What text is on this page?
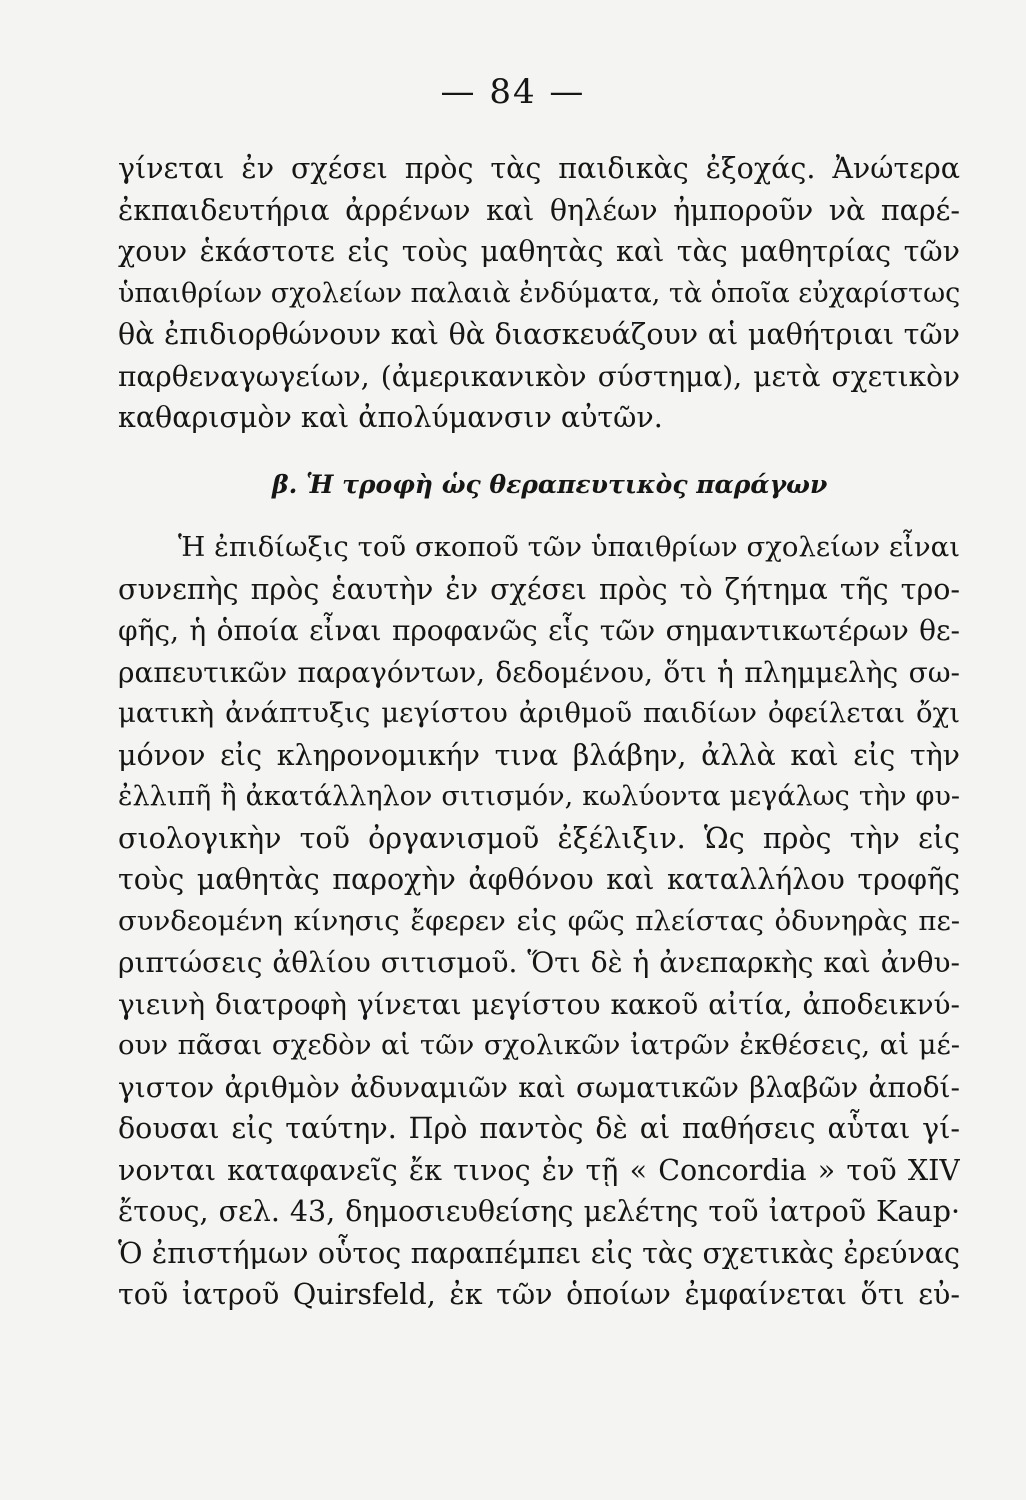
— 84 —
γίνεται ἐν σχέσει πρὸς τὰς παιδικὰς ἐξοχάς. Ἀνώτερα
ἐκπαιδευτήρια ἀρρένων καὶ θηλέων ἠμποροῦν νὰ παρέ-
χουν ἑκάστοτε εἰς τοὺς μαθητὰς καὶ τὰς μαθητρίας τῶν
ὑπαιθρίων σχολείων παλαιὰ ἐνδύματα, τὰ ὁποῖα εὐχαρίστως
θὰ ἐπιδιορθώνουν καὶ θὰ διασκευάζουν αἱ μαθήτριαι τῶν
παρθεναγωγείων, (ἀμερικανικὸν σύστημα), μετὰ σχετικὸν
καθαρισμὸν καὶ ἀπολύμανσιν αὐτῶν.
β. Ἡ τροφὴ ὡς θεραπευτικὸς παράγων
Ἡ ἐπιδίωξις τοῦ σκοποῦ τῶν ὑπαιθρίων σχολείων εἶναι
συνεπὴς πρὸς ἑαυτὴν ἐν σχέσει πρὸς τὸ ζήτημα τῆς τρο-
φῆς, ἡ ὁποία εἶναι προφανῶς εἷς τῶν σημαντικωτέρων θε-
ραπευτικῶν παραγόντων, δεδομένου, ὅτι ἡ πλημμελὴς σω-
ματικὴ ἀνάπτυξις μεγίστου ἀριθμοῦ παιδίων ὀφείλεται ὄχι
μόνον εἰς κληρονομικήν τινα βλάβην, ἀλλὰ καὶ εἰς τὴν
ἐλλιπῆ ἢ ἀκατάλληλον σιτισμόν, κωλύοντα μεγάλως τὴν φυ-
σιολογικὴν τοῦ ὀργανισμοῦ ἐξέλιξιν. Ὡς πρὸς τὴν εἰς
τοὺς μαθητὰς παροχὴν ἀφθόνου καὶ καταλλήλου τροφῆς
συνδεομένη κίνησις ἔφερεν εἰς φῶς πλείστας ὀδυνηρὰς πε-
ριπτώσεις ἀθλίου σιτισμοῦ. Ὅτι δὲ ἡ ἀνεπαρκὴς καὶ ἀνθυ-
γιεινὴ διατροφὴ γίνεται μεγίστου κακοῦ αἰτία, ἀποδεικνύ-
ουν πᾶσαι σχεδὸν αἱ τῶν σχολικῶν ἰατρῶν ἐκθέσεις, αἱ μέ-
γιστον ἀριθμὸν ἀδυναμιῶν καὶ σωματικῶν βλαβῶν ἀποδί-
δουσαι εἰς ταύτην. Πρὸ παντὸς δὲ αἱ παθήσεις αὗται γί-
νονται καταφανεῖς ἔκ τινος ἐν τῇ « Concordia » τοῦ XIV
ἔτους, σελ. 43, δημοσιευθείσης μελέτης τοῦ ἰατροῦ Kaup·
Ὁ ἐπιστήμων οὗτος παραπέμπει εἰς τὰς σχετικὰς ἐρεύνας
τοῦ ἰατροῦ Quirsfeld, ἐκ τῶν ὁποίων ἐμφαίνεται ὅτι εὐ-
